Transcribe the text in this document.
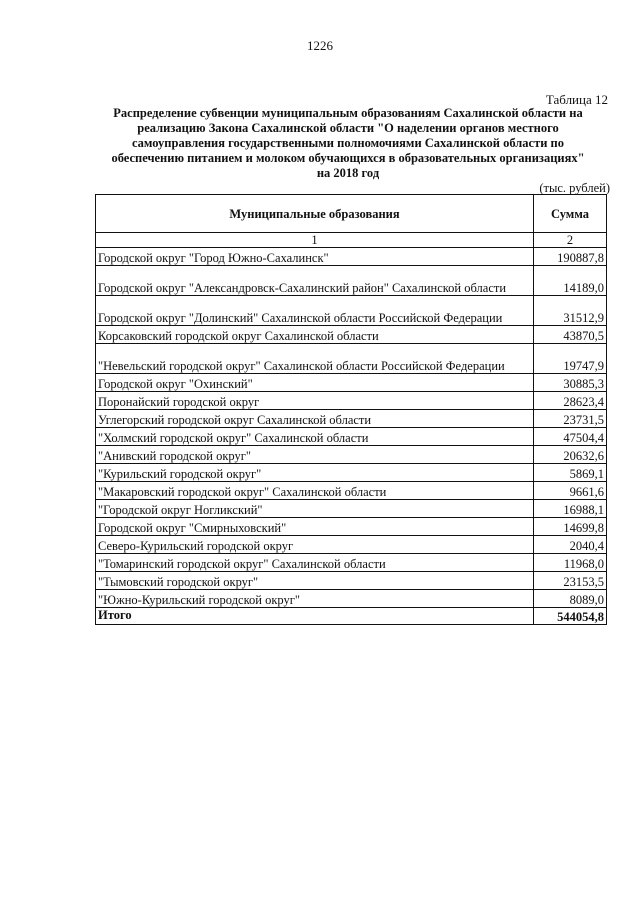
1226
Таблица 12
Распределение субвенции муниципальным образованиям Сахалинской области на
реализацию Закона Сахалинской области "О наделении органов местного
самоуправления государственными полномочиями Сахалинской области по
обеспечению питанием и молоком обучающихся в образовательных организациях"
на 2018 год
(тыс. рублей)
Муниципальные образования	Сумма
1	2
Городской округ "Город Южно-Сахалинск"	190887,8
Городской округ "Александровск-Сахалинский район" Сахалинской области	14189,0
Городской округ "Долинский" Сахалинской области Российской Федерации	31512,9
Корсаковский городской округ Сахалинской области	43870,5
"Невельский городской округ" Сахалинской области Российской Федерации	19747,9
Городской округ "Охинский"	30885,3
Поронайский городской округ	28623,4
Углегорский городской округ Сахалинской области	23731,5
"Холмский городской округ" Сахалинской области	47504,4
"Анивский городской округ"	20632,6
"Курильский городской округ"	5869,1
"Макаровский городской округ" Сахалинской области	9661,6
"Городской округ Ногликский"	16988,1
Городской округ "Смирныховский"	14699,8
Северо-Курильский городской округ	2040,4
"Томаринский городской округ" Сахалинской области	11968,0
"Тымовский городской округ"	23153,5
"Южно-Курильский городской округ"	8089,0
Итого	544054,8
